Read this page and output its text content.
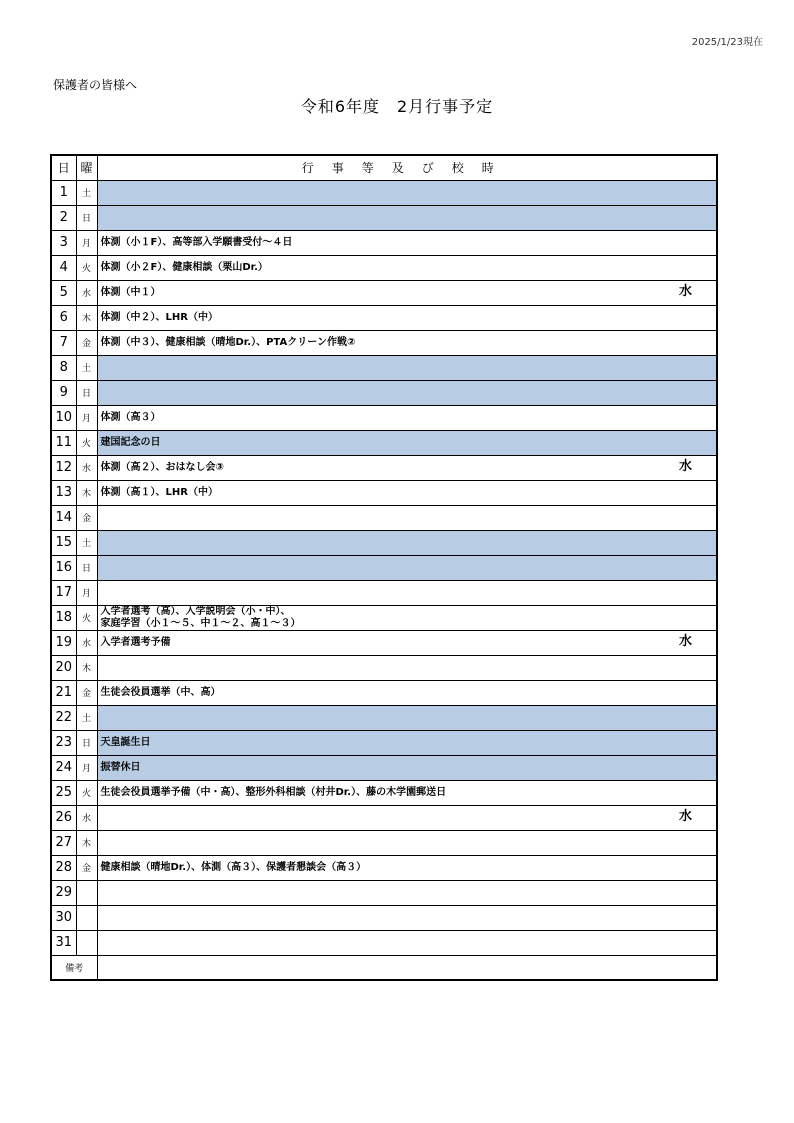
2025/1/23現在
保護者の皆様へ
令和6年度　2月行事予定
日	曜	行事等及び校時
1	土	
2	日	
3	月	体測（小１F）、高等部入学願書受付～４日
4	火	体測（小２F）、健康相談（栗山Dr.）
5	水	体測（中１） 水

6	木	体測（中２）、LHR（中）
7	金	体測（中３）、健康相談（晴地Dr.）、PTAクリーン作戦②
8	土	
9	日	
10	月	体測（高３）
11	火	建国記念の日
12	水	体測（高２）、おはなし会③ 水

13	木	体測（高１）、LHR（中）
14	金	
15	土	
16	日	
17	月	
18	火	入学者選考（高）、入学説明会（小・中）、
家庭学習（小１～５、中１～２、高１～３）
19	水	入学者選考予備 水

20	木	
21	金	生徒会役員選挙（中、高）
22	土	
23	日	天皇誕生日
24	月	振替休日
25	火	生徒会役員選挙予備（中・高）、整形外科相談（村井Dr.）、藤の木学園郵送日
26	水	水

27	木	
28	金	健康相談（晴地Dr.）、体測（高３）、保護者懇談会（高３）
29		
30		
31		
備考		
